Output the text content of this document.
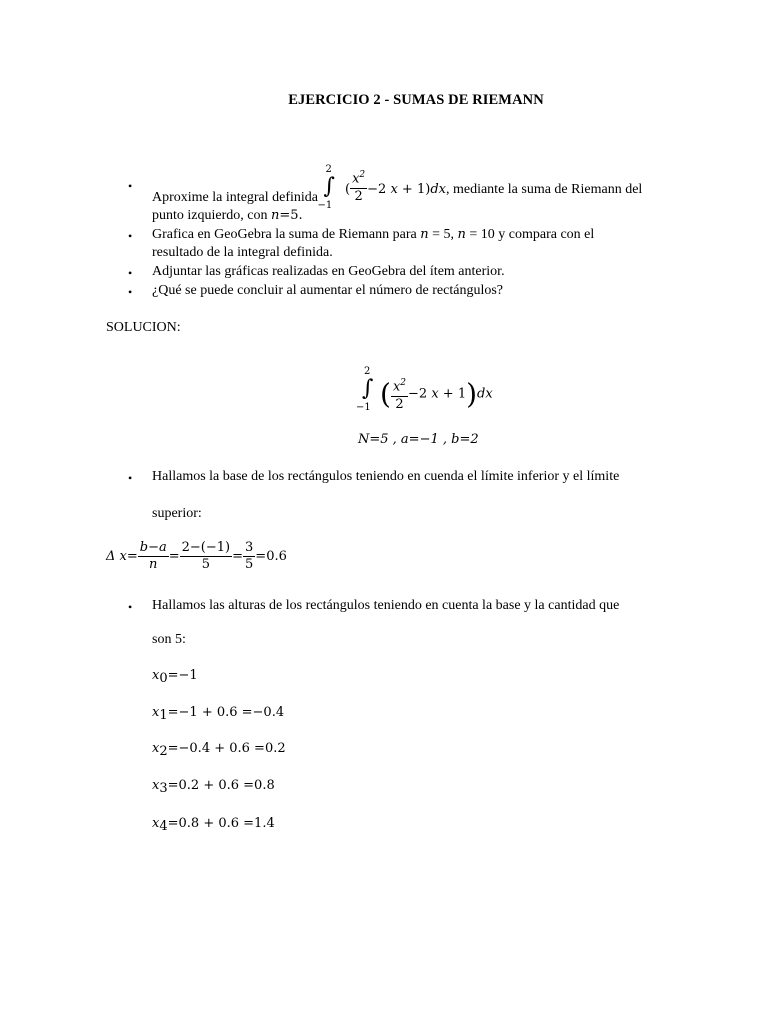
EJERCICIO 2 - SUMAS DE RIEMANN
•
Aproxime la integral definida
2
∫
−1
( $\frac{x^2}{2} -2$ x + 1)dx, mediante la suma de Riemann del
punto izquierdo, con n=5.
• Grafica en GeoGebra la suma de Riemann para n = 5, n = 10 y compara con el
resultado de la integral definida.
• Adjuntar las gráficas realizadas en GeoGebra del ítem anterior.
• ¿Qué se puede concluir al aumentar el número de rectángulos?
SOLUCION:
2
∫
−1 ( $\frac{x^2}{2} -2$ x + 1)dx
N=5 , a=−1 , b=2
• Hallamos la base de los rectángulos teniendo en cuenda el límite inferior y el límite
superior:
Δ $x= \frac{b-a}{n} = \frac{2-(-1)}{5} = \frac{3}{5} =0.6$
• Hallamos las alturas de los rectángulos teniendo en cuenta la base y la cantidad que
son 5:
$x_0=-1$
$x_1=-1 + 0.6 =-0.4$
$x_2=-0.4 + 0.6 =0.2$
$x_3=0.2 + 0.6 =0.8$
$x_4=0.8 + 0.6 =1.4$
